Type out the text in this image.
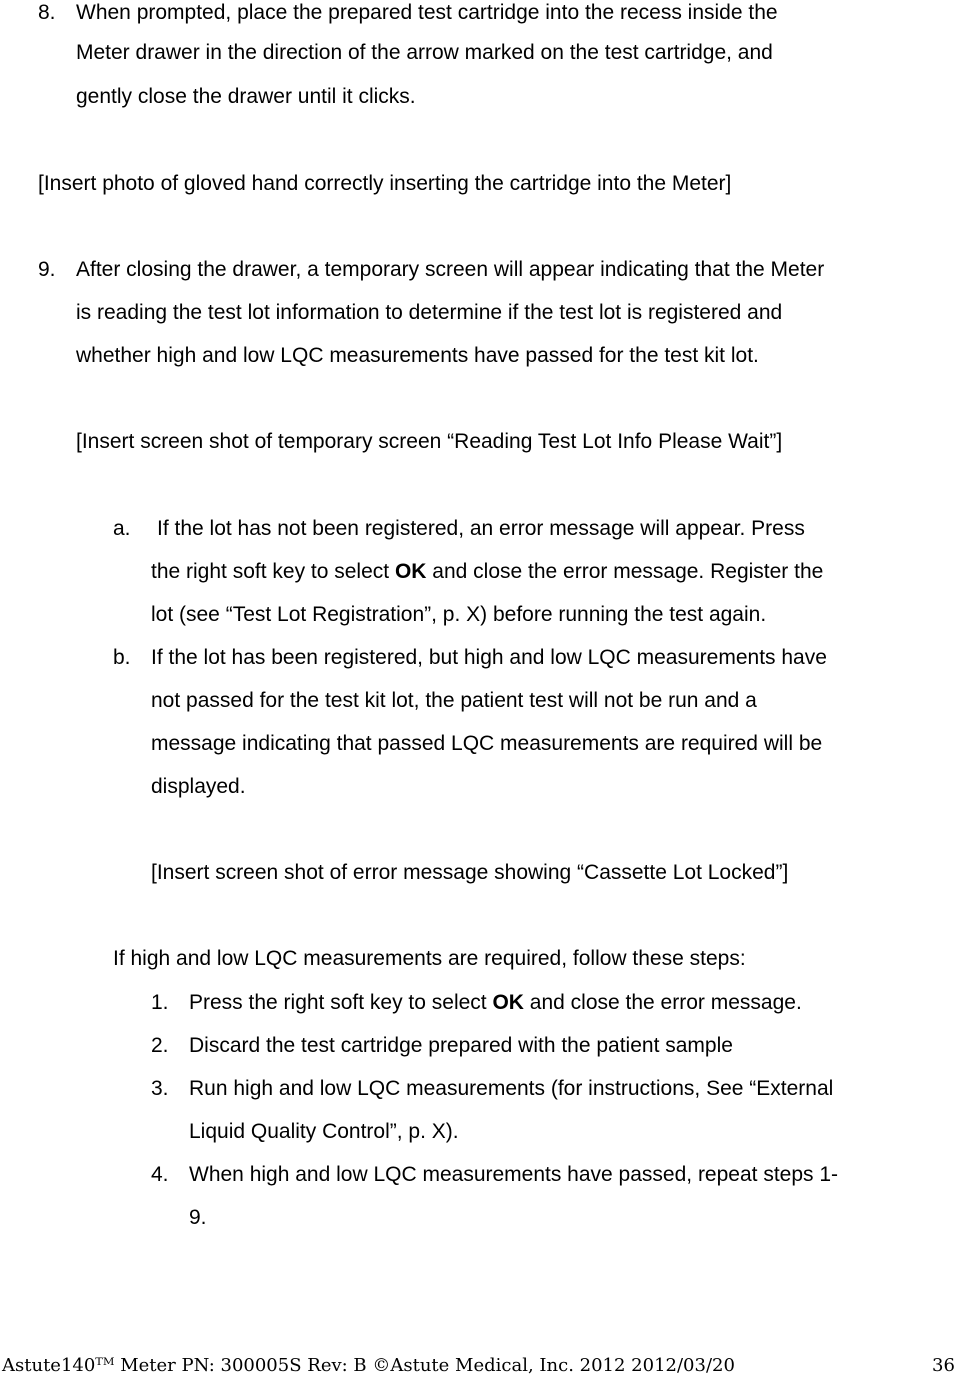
8. When prompted, place the prepared test cartridge into the recess inside the
Meter drawer in the direction of the arrow marked on the test cartridge, and
gently close the drawer until it clicks.
[Insert photo of gloved hand correctly inserting the cartridge into the Meter]
9. After closing the drawer, a temporary screen will appear indicating that the Meter
is reading the test lot information to determine if the test lot is registered and
whether high and low LQC measurements have passed for the test kit lot.
[Insert screen shot of temporary screen “Reading Test Lot Info Please Wait”]
a. If the lot has not been registered, an error message will appear. Press
the right soft key to select OK and close the error message. Register the
lot (see “Test Lot Registration”, p. X) before running the test again.
b. If the lot has been registered, but high and low LQC measurements have
not passed for the test kit lot, the patient test will not be run and a
message indicating that passed LQC measurements are required will be
displayed.
[Insert screen shot of error message showing “Cassette Lot Locked”]
If high and low LQC measurements are required, follow these steps:
1. Press the right soft key to select OK and close the error message.
2. Discard the test cartridge prepared with the patient sample
3. Run high and low LQC measurements (for instructions, See “External
Liquid Quality Control”, p. X).
4. When high and low LQC measurements have passed, repeat steps 1-
9.
Astute140ᵀᴹ Meter PN: 300005S Rev: B ©Astute Medical, Inc. 2012 2012/03/20	36
